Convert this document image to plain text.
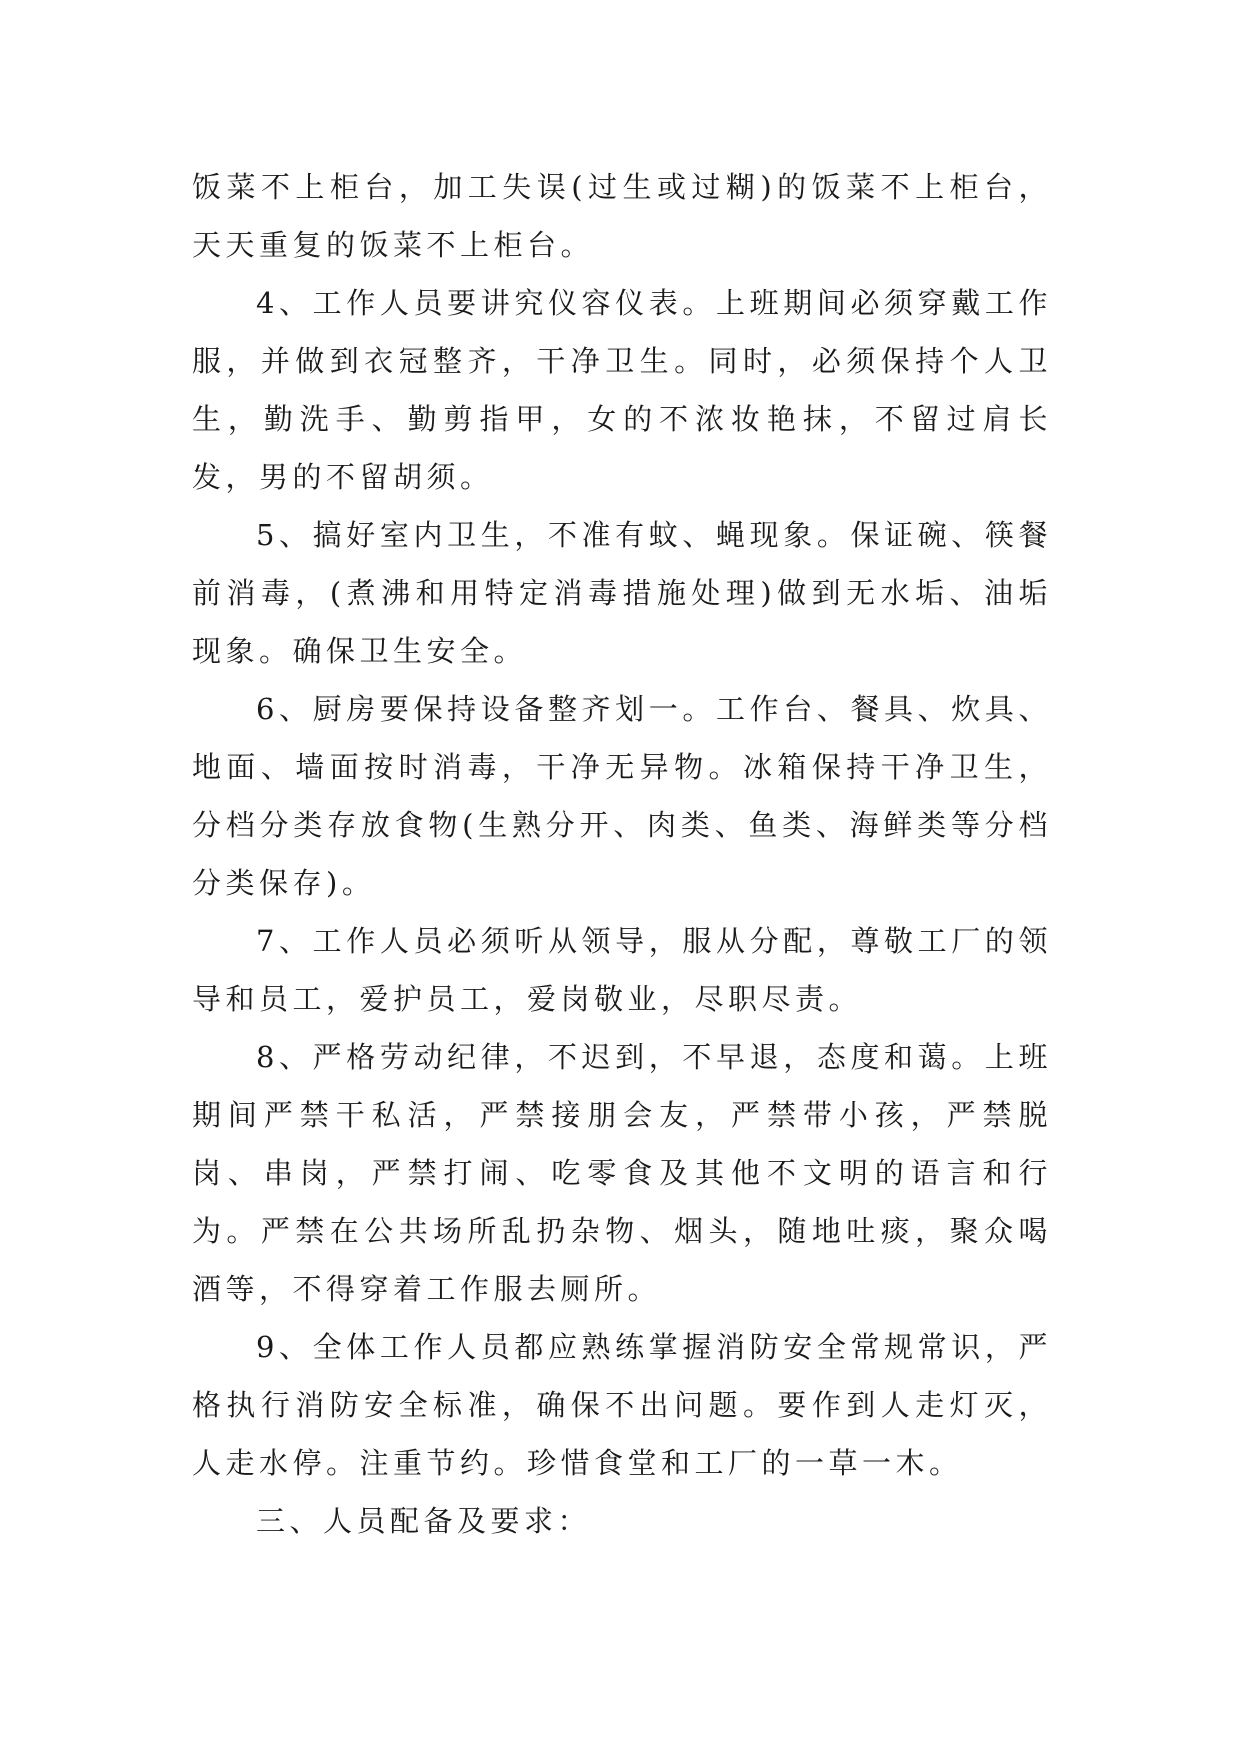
饭菜不上柜台，加工失误(过生或过糊)的饭菜不上柜台，天天重复的饭菜不上柜台。

4、工作人员要讲究仪容仪表。上班期间必须穿戴工作服，并做到衣冠整齐，干净卫生。同时，必须保持个人卫生，勤洗手、勤剪指甲，女的不浓妆艳抹，不留过肩长发，男的不留胡须。

5、搞好室内卫生，不准有蚊、蝇现象。保证碗、筷餐前消毒，(煮沸和用特定消毒措施处理)做到无水垢、油垢现象。确保卫生安全。

6、厨房要保持设备整齐划一。工作台、餐具、炊具、地面、墙面按时消毒，干净无异物。冰箱保持干净卫生，分档分类存放食物(生熟分开、肉类、鱼类、海鲜类等分档分类保存)。

7、工作人员必须听从领导，服从分配，尊敬工厂的领导和员工，爱护员工，爱岗敬业，尽职尽责。

8、严格劳动纪律，不迟到，不早退，态度和蔼。上班期间严禁干私活，严禁接朋会友，严禁带小孩，严禁脱岗、串岗，严禁打闹、吃零食及其他不文明的语言和行为。严禁在公共场所乱扔杂物、烟头，随地吐痰，聚众喝酒等，不得穿着工作服去厕所。

9、全体工作人员都应熟练掌握消防安全常规常识，严格执行消防安全标准，确保不出问题。要作到人走灯灭，人走水停。注重节约。珍惜食堂和工厂的一草一木。

三、人员配备及要求：
